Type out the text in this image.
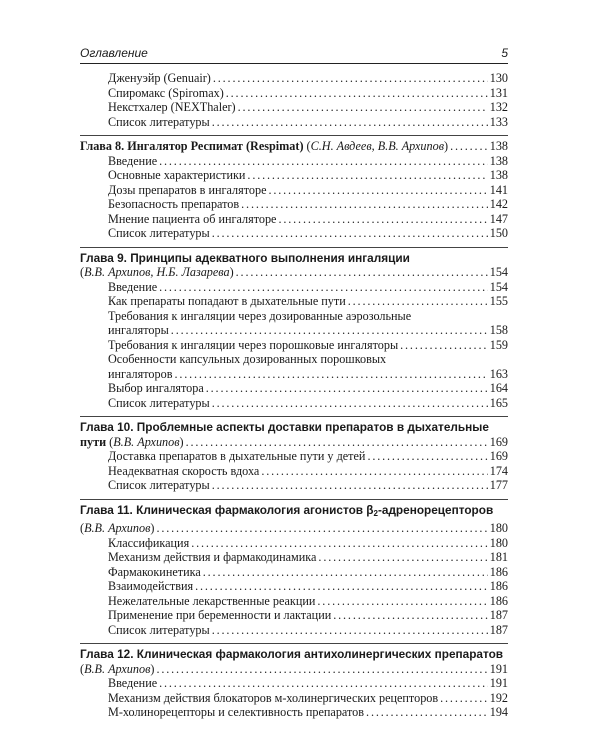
Оглавление	5
Дженуэйр (Genuair) . . .	130
Спиромакс (Spiromax) . . .	131
Некстхалер (NEXThaler) . . .	132
Список литературы . . .	133
Глава 8. Ингалятор Респимат (Respimat) (С.Н. Авдеев, В.В. Архипов) . . .	138
Введение . . .	138
Основные характеристики . . .	138
Дозы препаратов в ингаляторе . . .	141
Безопасность препаратов . . .	142
Мнение пациента об ингаляторе . . .	147
Список литературы . . .	150
Глава 9. Принципы адекватного выполнения ингаляции
(В.В. Архипов, Н.Б. Лазарева) . . .	154
Введение . . .	154
Как препараты попадают в дыхательные пути . . .	155
Требования к ингаляции через дозированные аэрозольные
ингаляторы . . .	158
Требования к ингаляции через порошковые ингаляторы . . .	159
Особенности капсульных дозированных порошковых
ингаляторов . . .	163
Выбор ингалятора . . .	164
Список литературы . . .	165
Глава 10. Проблемные аспекты доставки препаратов в дыхательные
пути (В.В. Архипов) . . .	169
Доставка препаратов в дыхательные пути у детей . . .	169
Неадекватная скорость вдоха . . .	174
Список литературы . . .	177
Глава 11. Клиническая фармакология агонистов $\beta_2$-адренорецепторов
(В.В. Архипов) . . .	180
Классификация . . .	180
Механизм действия и фармакодинамика . . .	181
Фармакокинетика . . .	186
Взаимодействия . . .	186
Нежелательные лекарственные реакции . . .	186
Применение при беременности и лактации . . .	187
Список литературы . . .	187
Глава 12. Клиническая фармакология антихолинергических препаратов
(В.В. Архипов) . . .	191
Введение . . .	191
Механизм действия блокаторов м-холинергических рецепторов . . .	192
М-холинорецепторы и селективность препаратов . . .	194
